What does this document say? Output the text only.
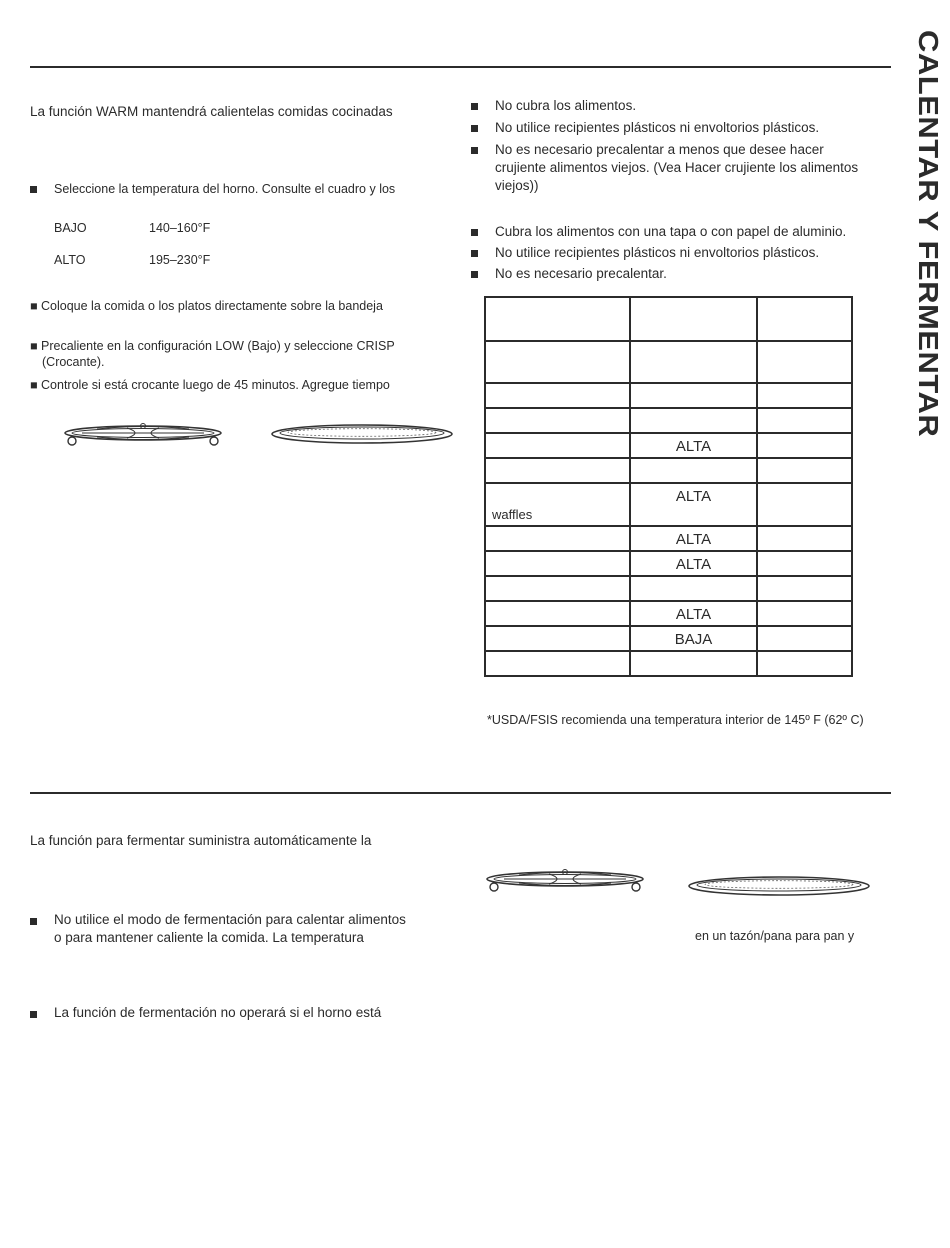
CALENTAR Y FERMENTAR
La función WARM mantendrá calientelas comidas cocinadas
Seleccione la temperatura del horno. Consulte el cuadro y los
BAJO	140–160°F
ALTO	195–230°F
■ Coloque la comida o los platos directamente sobre la bandeja
■ Precaliente en la configuración LOW (Bajo) y seleccione CRISP
(Crocante).
■ Controle si está crocante luego de 45 minutos. Agregue tiempo
No cubra los alimentos.
No utilice recipientes plásticos ni envoltorios plásticos.
No es necesario precalentar a menos que desee hacer crujiente alimentos viejos. (Vea Hacer crujiente los alimentos viejos))
Cubra los alimentos con una tapa o con papel de aluminio.
No utilice recipientes plásticos ni envoltorios plásticos.
No es necesario precalentar.

	ALTA	

waffles	ALTA	
	ALTA	
	ALTA	

	ALTA	
	BAJA	

*USDA/FSIS recomienda una temperatura interior de 145º F (62º C)
La función para fermentar suministra automáticamente la
No utilice el modo de fermentación para calentar alimentos
o para mantener caliente la comida. La temperatura
La función de fermentación no operará si el horno está
en un tazón/pana para pan y
